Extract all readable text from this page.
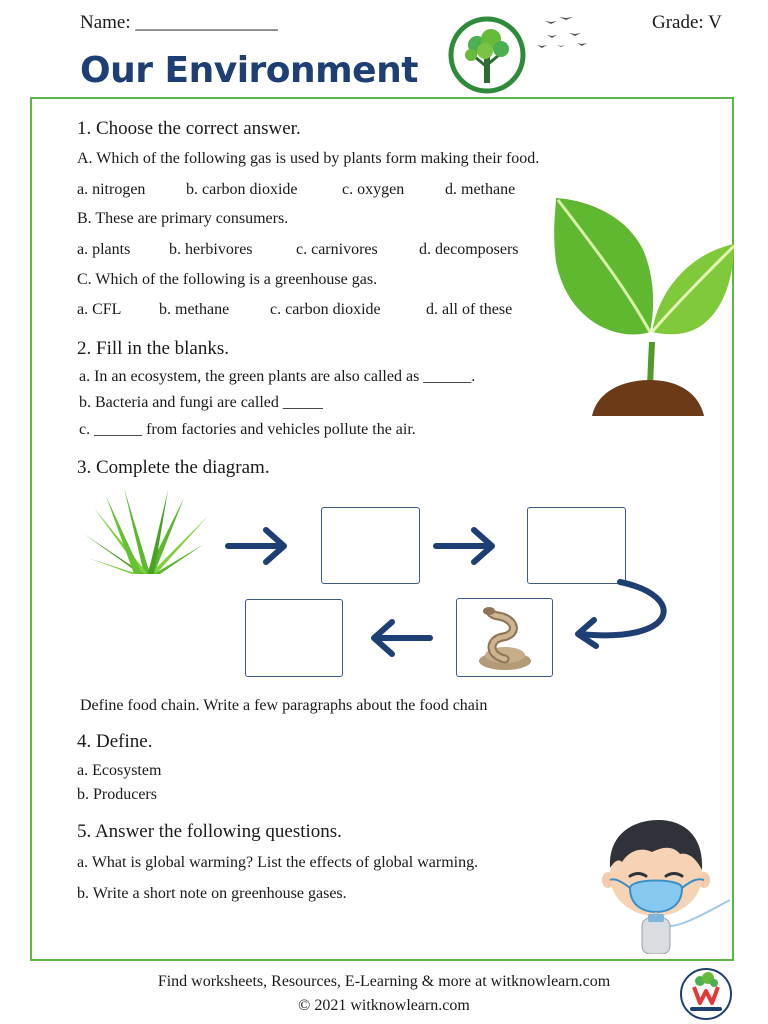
Name: _______________	Grade: V
Our Environment
1. Choose the correct answer.
A. Which of the following gas is used by plants form making their food.
a. nitrogen	b. carbon dioxide	c. oxygen	d. methane
B. These are primary consumers.
a. plants b. herbivores	c. carnivores	d. decomposers
C. Which of the following is a greenhouse gas.
a. CFL b. methane	c. carbon dioxide	d. all of these
2. Fill in the blanks.
a. In an ecosystem, the green plants are also called as ______.
b. Bacteria and fungi are called _____
c. ______ from factories and vehicles pollute the air.
3. Complete the diagram.
Define food chain. Write a few paragraphs about the food chain
4. Define.
a. Ecosystem
b. Producers
5. Answer the following questions.
a. What is global warming? List the effects of global warming.
b. Write a short note on greenhouse gases.
Find worksheets, Resources, E-Learning & more at witknowlearn.com
© 2021 witknowlearn.com
